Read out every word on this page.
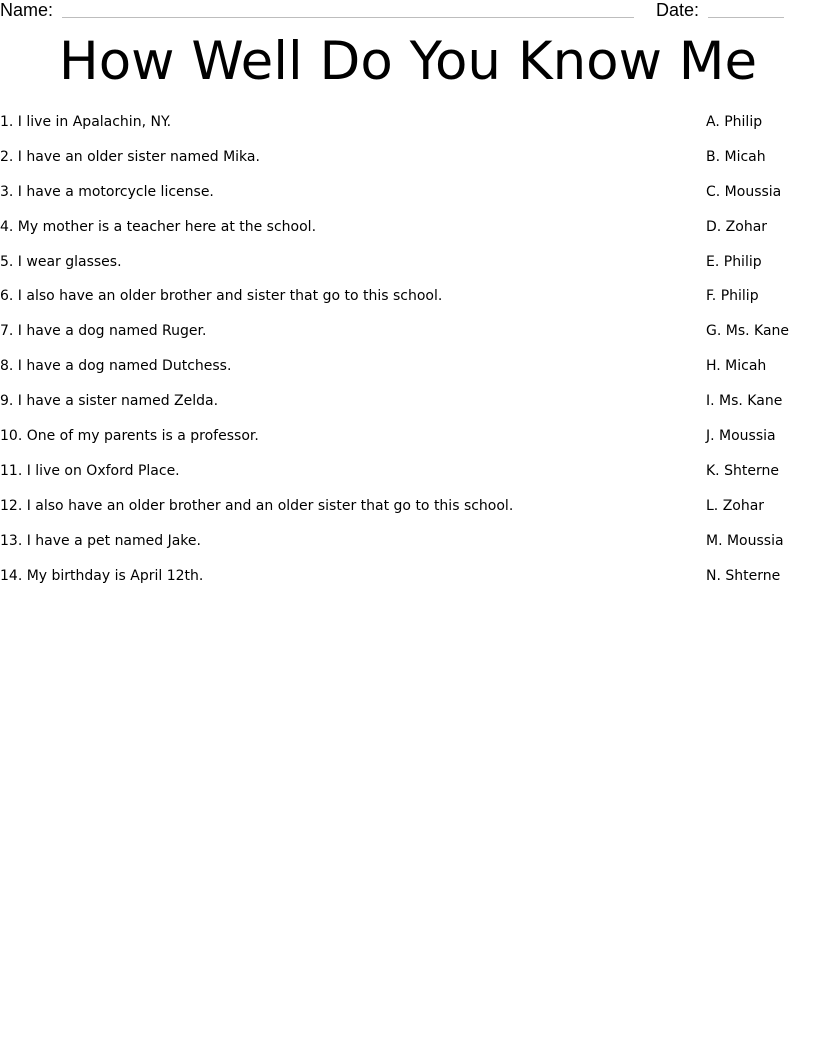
Name:	Date:
How Well Do You Know Me
1. I live in Apalachin, NY.
2. I have an older sister named Mika.
3. I have a motorcycle license.
4. My mother is a teacher here at the school.
5. I wear glasses.
6. I also have an older brother and sister that go to this school.
7. I have a dog named Ruger.
8. I have a dog named Dutchess.
9. I have a sister named Zelda.
10. One of my parents is a professor.
11. I live on Oxford Place.
12. I also have an older brother and an older sister that go to this school.
13. I have a pet named Jake.
14. My birthday is April 12th.
A. Philip
B. Micah
C. Moussia
D. Zohar
E. Philip
F. Philip
G. Ms. Kane
H. Micah
I. Ms. Kane
J. Moussia
K. Shterne
L. Zohar
M. Moussia
N. Shterne
